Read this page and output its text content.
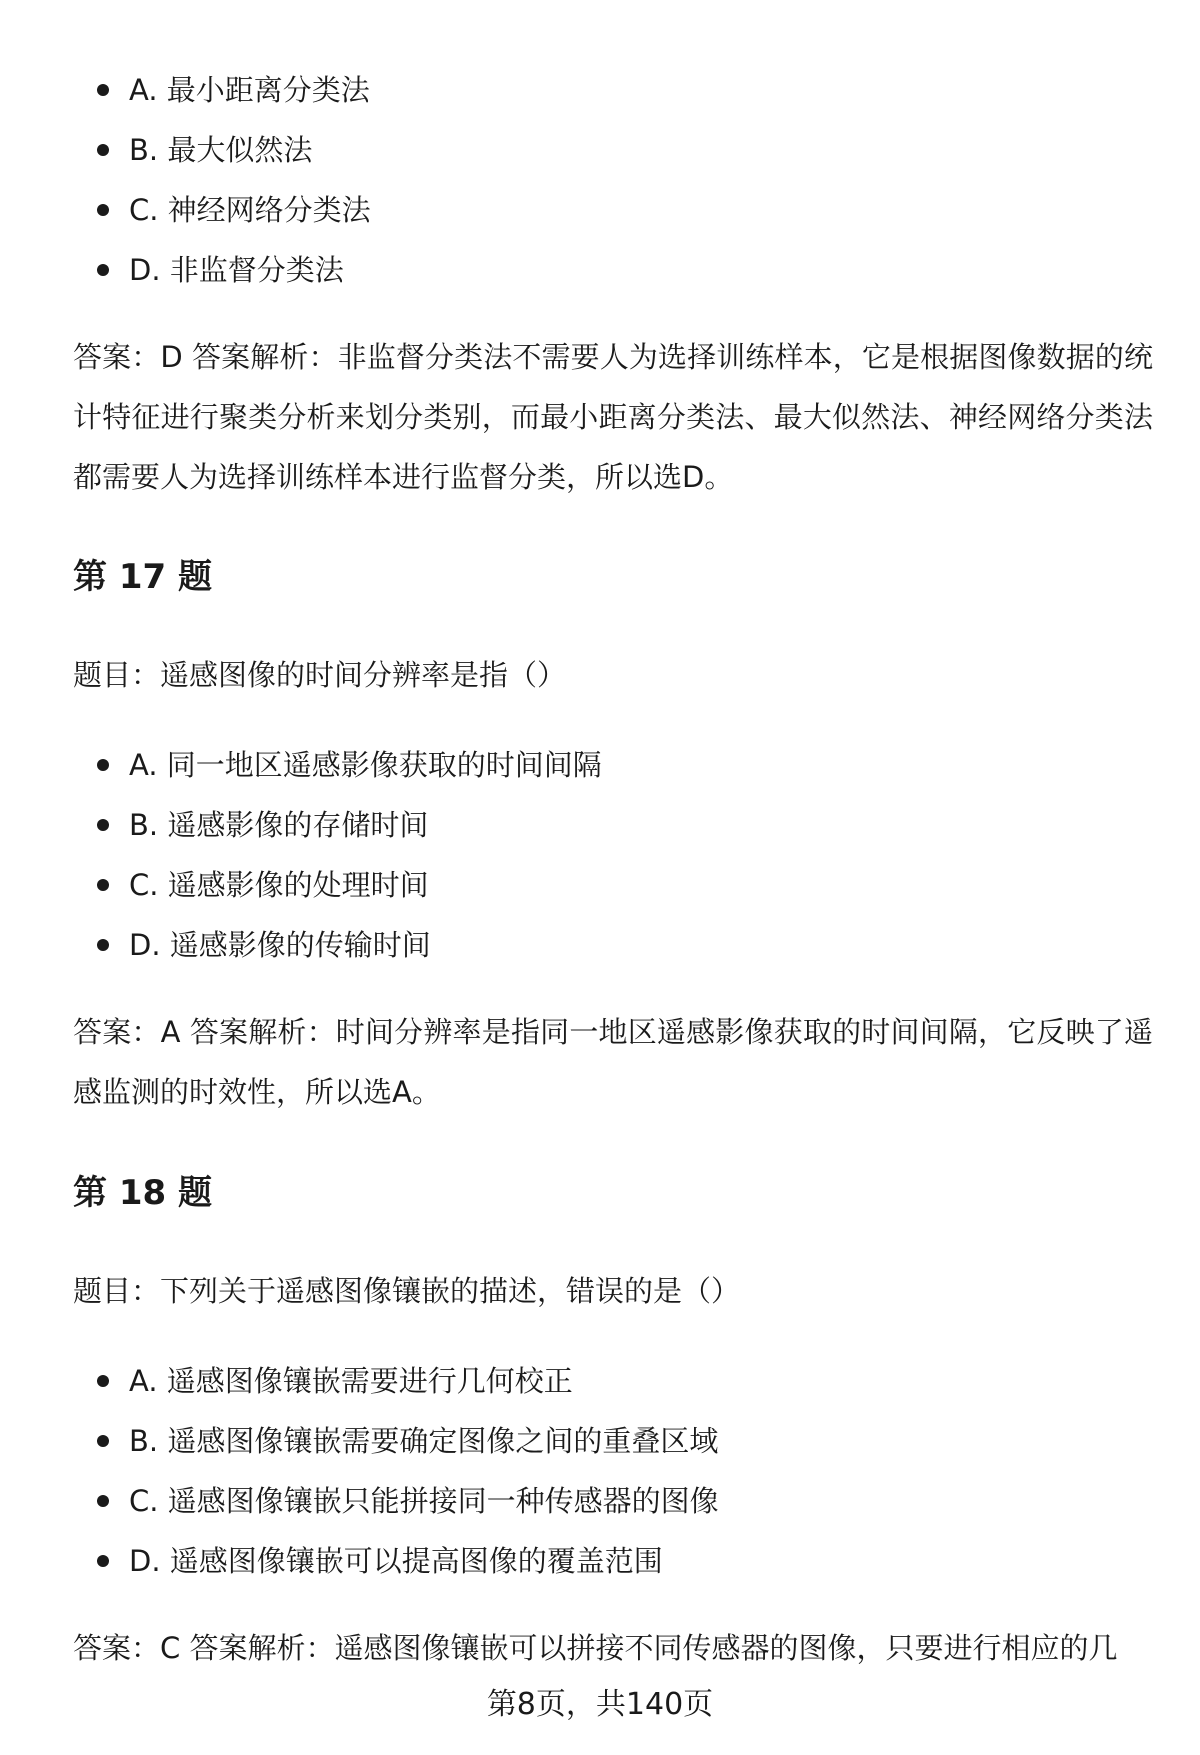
A. 最小距离分类法
B. 最大似然法
C. 神经网络分类法
D. 非监督分类法

答案：D 答案解析：非监督分类法不需要人为选择训练样本，它是根据图像数据的统计特征进行聚类分析来划分类别，而最小距离分类法、最大似然法、神经网络分类法都需要人为选择训练样本进行监督分类，所以选D。

第 17 题

题目：遥感图像的时间分辨率是指（）

A. 同一地区遥感影像获取的时间间隔
B. 遥感影像的存储时间
C. 遥感影像的处理时间
D. 遥感影像的传输时间

答案：A 答案解析：时间分辨率是指同一地区遥感影像获取的时间间隔，它反映了遥感监测的时效性，所以选A。

第 18 题

题目：下列关于遥感图像镶嵌的描述，错误的是（）

A. 遥感图像镶嵌需要进行几何校正
B. 遥感图像镶嵌需要确定图像之间的重叠区域
C. 遥感图像镶嵌只能拼接同一种传感器的图像
D. 遥感图像镶嵌可以提高图像的覆盖范围

答案：C 答案解析：遥感图像镶嵌可以拼接不同传感器的图像，只要进行相应的几

第8页，共140页
